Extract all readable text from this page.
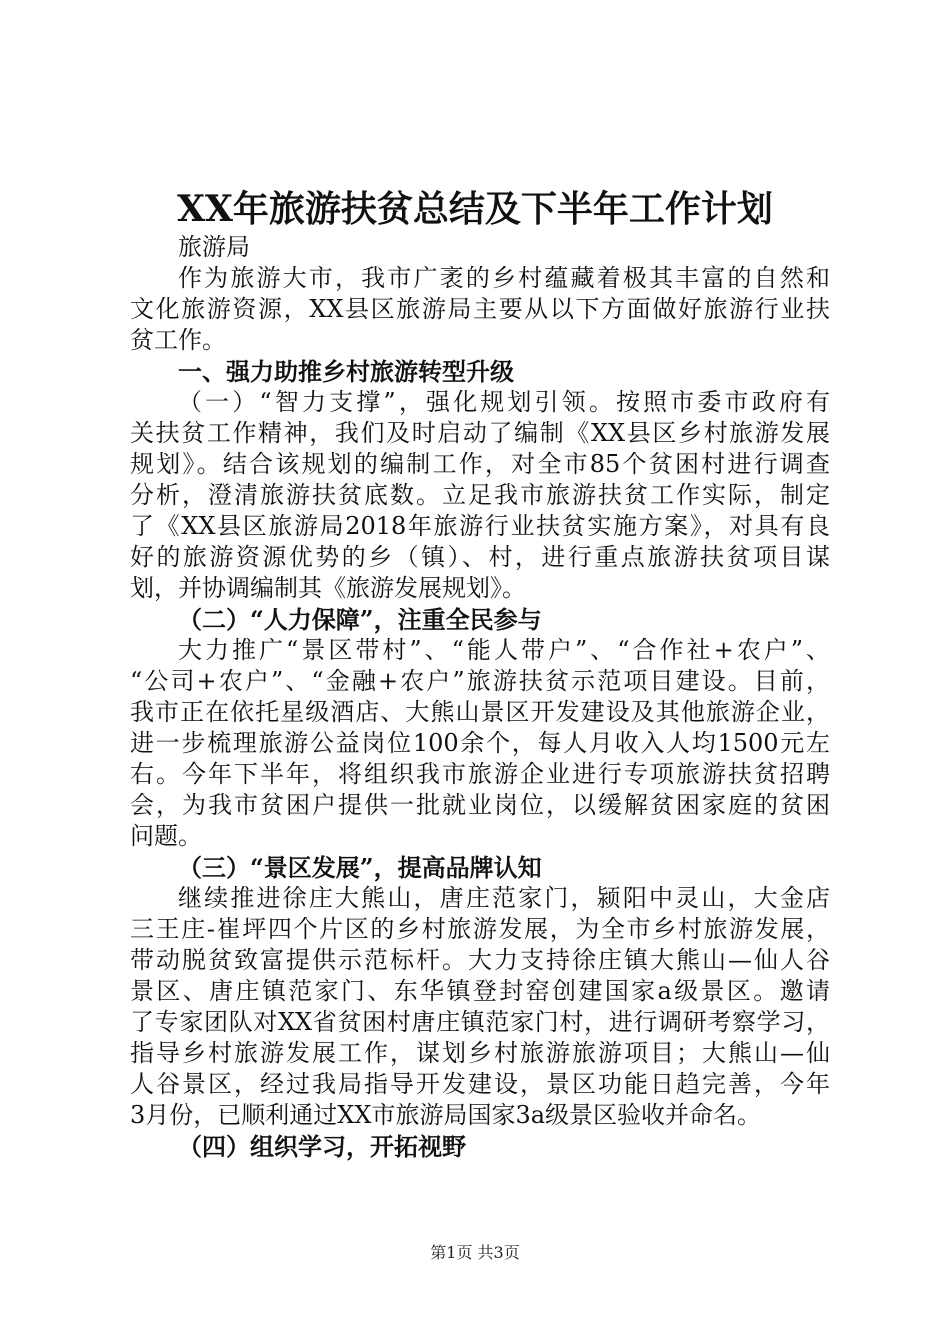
XX年旅游扶贫总结及下半年工作计划
旅游局
作为旅游大市，我市广袤的乡村蕴藏着极其丰富的自然和
文化旅游资源，XX县区旅游局主要从以下方面做好旅游行业扶
贫工作。
一、强力助推乡村旅游转型升级
（一）“智力支撑”，强化规划引领。按照市委市政府有
关扶贫工作精神，我们及时启动了编制《XX县区乡村旅游发展
规划》。结合该规划的编制工作，对全市85个贫困村进行调查
分析，澄清旅游扶贫底数。立足我市旅游扶贫工作实际，制定
了《XX县区旅游局2018年旅游行业扶贫实施方案》，对具有良
好的旅游资源优势的乡（镇）、村，进行重点旅游扶贫项目谋
划，并协调编制其《旅游发展规划》。
（二）“人力保障”，注重全民参与
大力推广“景区带村”、“能人带户”、“合作社+农户”、
“公司+农户”、“金融+农户”旅游扶贫示范项目建设。目前，
我市正在依托星级酒店、大熊山景区开发建设及其他旅游企业，
进一步梳理旅游公益岗位100余个，每人月收入人均1500元左
右。今年下半年，将组织我市旅游企业进行专项旅游扶贫招聘
会，为我市贫困户提供一批就业岗位，以缓解贫困家庭的贫困
问题。
（三）“景区发展”，提高品牌认知
继续推进徐庄大熊山，唐庄范家门，颍阳中灵山，大金店
三王庄-崔坪四个片区的乡村旅游发展，为全市乡村旅游发展，
带动脱贫致富提供示范标杆。大力支持徐庄镇大熊山—仙人谷
景区、唐庄镇范家门、东华镇登封窑创建国家a级景区。邀请
了专家团队对XX省贫困村唐庄镇范家门村，进行调研考察学习，
指导乡村旅游发展工作，谋划乡村旅游旅游项目；大熊山—仙
人谷景区，经过我局指导开发建设，景区功能日趋完善，今年
3月份，已顺利通过XX市旅游局国家3a级景区验收并命名。
（四）组织学习，开拓视野
第1页 共3页
